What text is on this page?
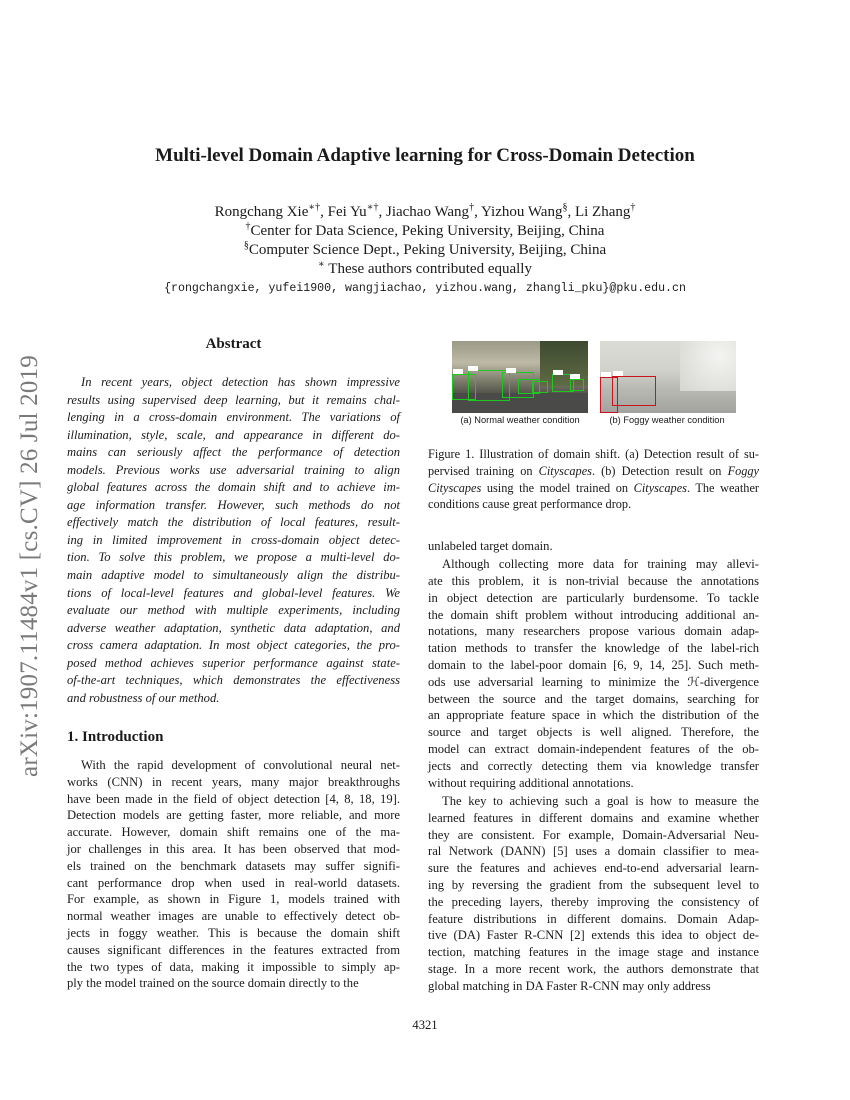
arXiv:1907.11484v1 [cs.CV] 26 Jul 2019
Multi-level Domain Adaptive learning for Cross-Domain Detection
Rongchang Xie∗†, Fei Yu∗†, Jiachao Wang†, Yizhou Wang§, Li Zhang†
†Center for Data Science, Peking University, Beijing, China
§Computer Science Dept., Peking University, Beijing, China
∗ These authors contributed equally
{rongchangxie, yufei1900, wangjiachao, yizhou.wang, zhangli_pku}@pku.edu.cn
Abstract
In recent years, object detection has shown impressive
results using supervised deep learning, but it remains chal-
lenging in a cross-domain environment. The variations of
illumination, style, scale, and appearance in different do-
mains can seriously affect the performance of detection
models. Previous works use adversarial training to align
global features across the domain shift and to achieve im-
age information transfer. However, such methods do not
effectively match the distribution of local features, result-
ing in limited improvement in cross-domain object detec-
tion. To solve this problem, we propose a multi-level do-
main adaptive model to simultaneously align the distribu-
tions of local-level features and global-level features. We
evaluate our method with multiple experiments, including
adverse weather adaptation, synthetic data adaptation, and
cross camera adaptation. In most object categories, the pro-
posed method achieves superior performance against state-
of-the-art techniques, which demonstrates the effectiveness
and robustness of our method.
1. Introduction
With the rapid development of convolutional neural net-
works (CNN) in recent years, many major breakthroughs
have been made in the field of object detection [4, 8, 18, 19].
Detection models are getting faster, more reliable, and more
accurate. However, domain shift remains one of the ma-
jor challenges in this area. It has been observed that mod-
els trained on the benchmark datasets may suffer signifi-
cant performance drop when used in real-world datasets.
For example, as shown in Figure 1, models trained with
normal weather images are unable to effectively detect ob-
jects in foggy weather. This is because the domain shift
causes significant differences in the features extracted from
the two types of data, making it impossible to simply ap-
ply the model trained on the source domain directly to the
(a) Normal weather condition	(b) Foggy weather condition
Figure 1. Illustration of domain shift. (a) Detection result of su-
pervised training on Cityscapes. (b) Detection result on Foggy
Cityscapes using the model trained on Cityscapes. The weather
conditions cause great performance drop.
unlabeled target domain.
Although collecting more data for training may allevi-
ate this problem, it is non-trivial because the annotations
in object detection are particularly burdensome. To tackle
the domain shift problem without introducing additional an-
notations, many researchers propose various domain adap-
tation methods to transfer the knowledge of the label-rich
domain to the label-poor domain [6, 9, 14, 25]. Such meth-
ods use adversarial learning to minimize the ℋ-divergence
between the source and the target domains, searching for
an appropriate feature space in which the distribution of the
source and target objects is well aligned. Therefore, the
model can extract domain-independent features of the ob-
jects and correctly detecting them via knowledge transfer
without requiring additional annotations.
The key to achieving such a goal is how to measure the
learned features in different domains and examine whether
they are consistent. For example, Domain-Adversarial Neu-
ral Network (DANN) [5] uses a domain classifier to mea-
sure the features and achieves end-to-end adversarial learn-
ing by reversing the gradient from the subsequent level to
the preceding layers, thereby improving the consistency of
feature distributions in different domains. Domain Adap-
tive (DA) Faster R-CNN [2] extends this idea to object de-
tection, matching features in the image stage and instance
stage. In a more recent work, the authors demonstrate that
global matching in DA Faster R-CNN may only address
4321
